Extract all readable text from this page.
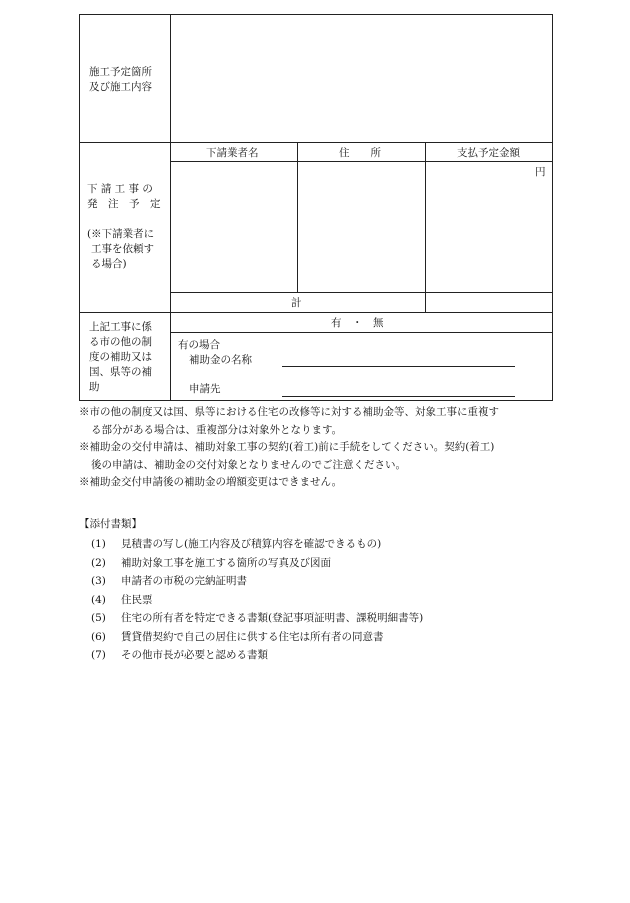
施工予定箇所
及び施工内容
下 請 工 事 の
発　注　予　定
(※下請業者に
工事を依頼す
る場合)
下請業者名	住　　所	支払予定金額
円
計
上記工事に係
る市の他の制
度の補助又は
国、県等の補
助
有　・　無
有の場合
補助金の名称
申請先
※市の他の制度又は国、県等における住宅の改修等に対する補助金等、対象工事に重複す
る部分がある場合は、重複部分は対象外となります。
※補助金の交付申請は、補助対象工事の契約(着工)前に手続をしてください。契約(着工)
後の申請は、補助金の交付対象となりませんのでご注意ください。
※補助金交付申請後の補助金の増額変更はできません。
【添付書類】
(1) 見積書の写し(施工内容及び積算内容を確認できるもの)
(2) 補助対象工事を施工する箇所の写真及び図面
(3) 申請者の市税の完納証明書
(4) 住民票
(5) 住宅の所有者を特定できる書類(登記事項証明書、課税明細書等)
(6) 賃貸借契約で自己の居住に供する住宅は所有者の同意書
(7) その他市長が必要と認める書類
